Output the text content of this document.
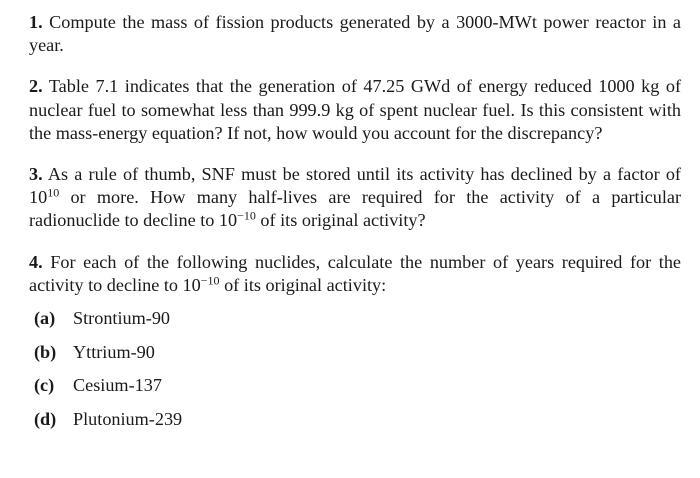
1. Compute the mass of fission products generated by a 3000-MWt power reactor in a year.

2. Table 7.1 indicates that the generation of 47.25 GWd of energy reduced 1000 kg of nuclear fuel to somewhat less than 999.9 kg of spent nuclear fuel. Is this consistent with the mass-energy equation? If not, how would you account for the discrepancy?

3. As a rule of thumb, SNF must be stored until its activity has declined by a factor of $10^{10}$ or more. How many half-lives are required for the activity of a particular radionuclide to decline to $10^{-10}$ of its original activity?

4. For each of the following nuclides, calculate the number of years required for the activity to decline to $10^{-10}$ of its original activity:

(a) Strontium-90
(b) Yttrium-90
(c) Cesium-137
(d) Plutonium-239
